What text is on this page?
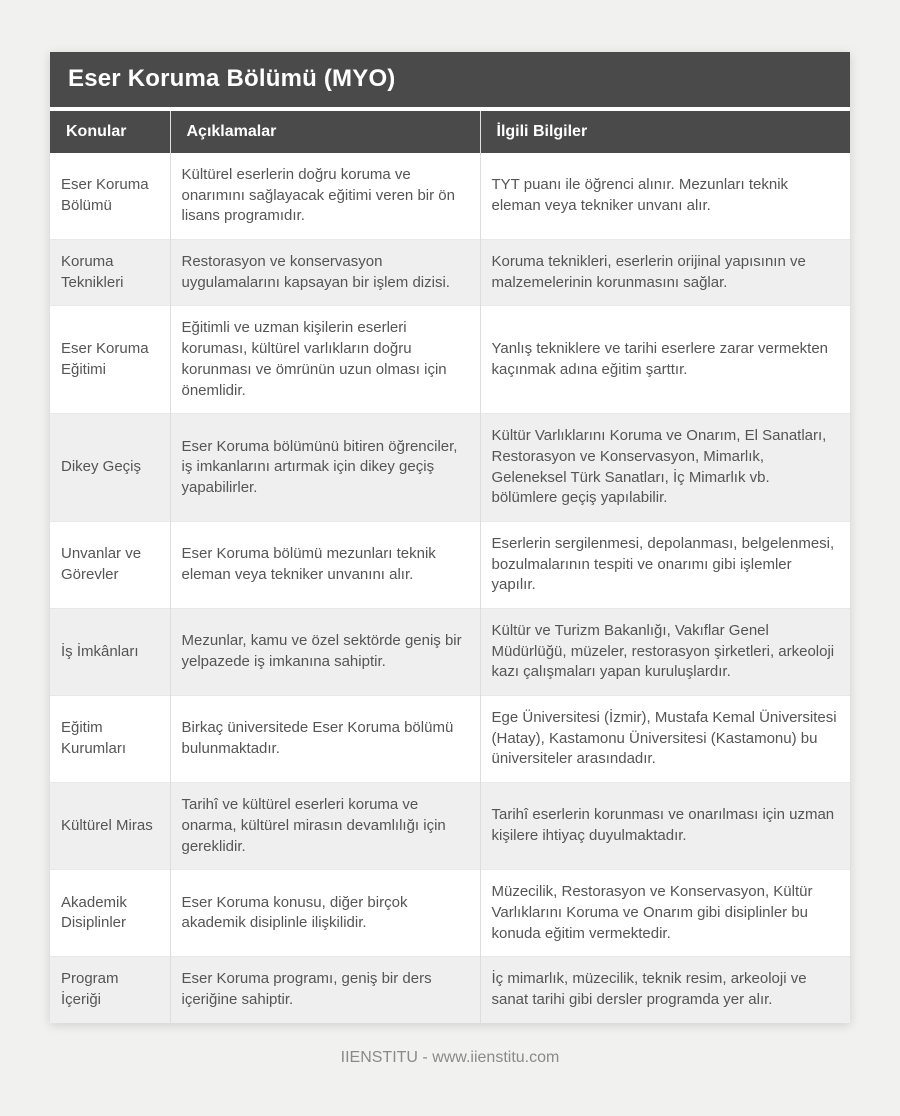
Eser Koruma Bölümü (MYO)
Konular	Açıklamalar	İlgili Bilgiler
Eser Koruma Bölümü	Kültürel eserlerin doğru koruma ve onarımını sağlayacak eğitimi veren bir ön lisans programıdır.	TYT puanı ile öğrenci alınır. Mezunları teknik eleman veya tekniker unvanı alır.
Koruma Teknikleri	Restorasyon ve konservasyon uygulamalarını kapsayan bir işlem dizisi.	Koruma teknikleri, eserlerin orijinal yapısının ve malzemelerinin korunmasını sağlar.
Eser Koruma Eğitimi	Eğitimli ve uzman kişilerin eserleri koruması, kültürel varlıkların doğru korunması ve ömrünün uzun olması için önemlidir.	Yanlış tekniklere ve tarihi eserlere zarar vermekten kaçınmak adına eğitim şarttır.
Dikey Geçiş	Eser Koruma bölümünü bitiren öğrenciler, iş imkanlarını artırmak için dikey geçiş yapabilirler.	Kültür Varlıklarını Koruma ve Onarım, El Sanatları, Restorasyon ve Konservasyon, Mimarlık, Geleneksel Türk Sanatları, İç Mimarlık vb. bölümlere geçiş yapılabilir.
Unvanlar ve Görevler	Eser Koruma bölümü mezunları teknik eleman veya tekniker unvanını alır.	Eserlerin sergilenmesi, depolanması, belgelenmesi, bozulmalarının tespiti ve onarımı gibi işlemler yapılır.
İş İmkânları	Mezunlar, kamu ve özel sektörde geniş bir yelpazede iş imkanına sahiptir.	Kültür ve Turizm Bakanlığı, Vakıflar Genel Müdürlüğü, müzeler, restorasyon şirketleri, arkeoloji kazı çalışmaları yapan kuruluşlardır.
Eğitim Kurumları	Birkaç üniversitede Eser Koruma bölümü bulunmaktadır.	Ege Üniversitesi (İzmir), Mustafa Kemal Üniversitesi (Hatay), Kastamonu Üniversitesi (Kastamonu) bu üniversiteler arasındadır.
Kültürel Miras	Tarihî ve kültürel eserleri koruma ve onarma, kültürel mirasın devamlılığı için gereklidir.	Tarihî eserlerin korunması ve onarılması için uzman kişilere ihtiyaç duyulmaktadır.
Akademik Disiplinler	Eser Koruma konusu, diğer birçok akademik disiplinle ilişkilidir.	Müzecilik, Restorasyon ve Konservasyon, Kültür Varlıklarını Koruma ve Onarım gibi disiplinler bu konuda eğitim vermektedir.
Program İçeriği	Eser Koruma programı, geniş bir ders içeriğine sahiptir.	İç mimarlık, müzecilik, teknik resim, arkeoloji ve sanat tarihi gibi dersler programda yer alır.
IIENSTITU - www.iienstitu.com
